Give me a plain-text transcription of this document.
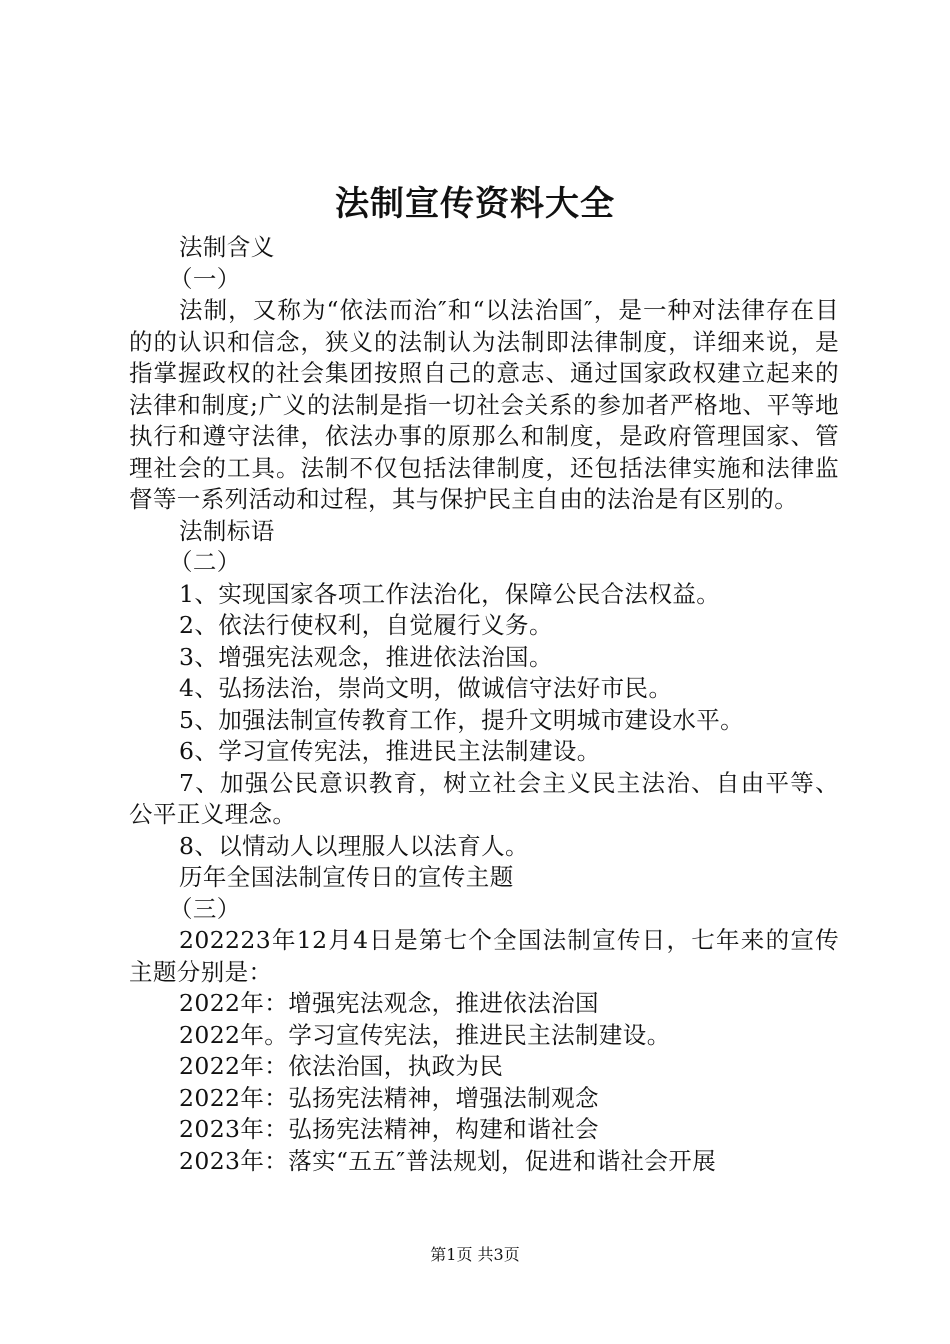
法制宣传资料大全
法制含义
（一）

法制，又称为“依法而治″和“以法治国″，是一种对法律存在目的的认识和信念，狭义的法制认为法制即法律制度，详细来说，是指掌握政权的社会集团按照自己的意志、通过国家政权建立起来的法律和制度;广义的法制是指一切社会关系的参加者严格地、平等地执行和遵守法律，依法办事的原那么和制度，是政府管理国家、管理社会的工具。法制不仅包括法律制度，还包括法律实施和法律监督等一系列活动和过程，其与保护民主自由的法治是有区别的。

法制标语
（二）
1、实现国家各项工作法治化，保障公民合法权益。
2、依法行使权利，自觉履行义务。
3、增强宪法观念，推进依法治国。
4、弘扬法治，崇尚文明，做诚信守法好市民。
5、加强法制宣传教育工作，提升文明城市建设水平。
6、学习宣传宪法，推进民主法制建设。

7、加强公民意识教育，树立社会主义民主法治、自由平等、公平正义理念。

8、以情动人以理服人以法育人。
历年全国法制宣传日的宣传主题
（三）

202223年12月4日是第七个全国法制宣传日，七年来的宣传主题分别是：

2022年：增强宪法观念，推进依法治国
2022年。学习宣传宪法，推进民主法制建设。
2022年：依法治国，执政为民
2022年：弘扬宪法精神，增强法制观念
2023年：弘扬宪法精神，构建和谐社会
2023年：落实“五五″普法规划，促进和谐社会开展
第1页 共3页
